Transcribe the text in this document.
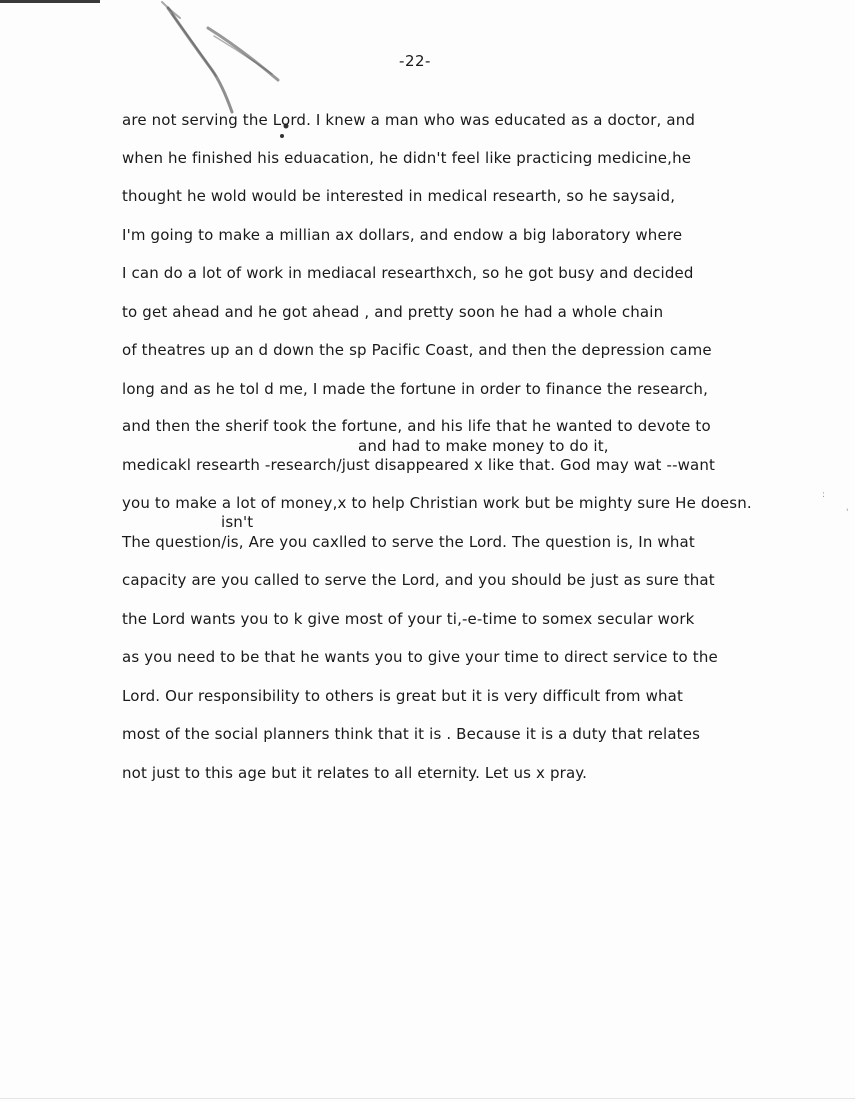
-22-
are not serving the Lord. I knew a man who was educated as a doctor, and
when he finished his eduacation, he didn't feel like practicing medicine,he
thought he wold would be interested in medical researth, so he saysaid,
I'm going to make a millian ax dollars, and endow a big laboratory where
I can do a lot of work in mediacal researthxch, so he got busy and decided
to get ahead and he got ahead , and pretty soon he had a whole chain
of theatres up an d down the sp Pacific Coast, and then the depression came
long and as he tol d me, I made the fortune in order to finance the research,
and then the sherif took the fortune, and his life that he wanted to devote to
and had to make money to do it,
medicakl researth -research/just disappeared x like that. God may wat --want
you to make a lot of money,x to help Christian work but be mighty sure He doesn.
isn't
The question/is, Are you caxlled to serve the Lord. The question is, In what
capacity are you called to serve the Lord, and you should be just as sure that
the Lord wants you to k give most of your ti,-e-time to somex secular work
as you need to be that he wants you to give your time to direct service to the
Lord. Our responsibility to others is great but it is very difficult from what
most of the social planners think that it is . Because it is a duty that relates
not just to this age but it relates to all eternity. Let us x pray.
:
'
